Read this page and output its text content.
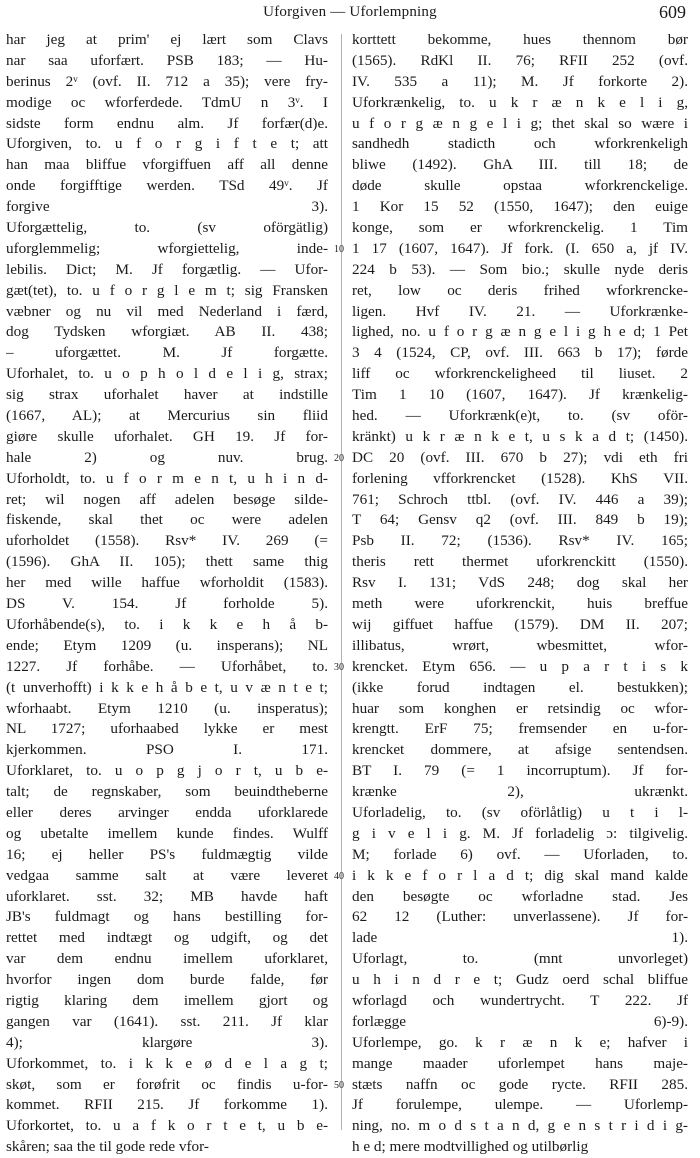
Uforgiven — Uforlempning	609
har jeg at prim' ej lært som Clavs
nar saa uforfært. PSB 183; — Hu-
berinus 2ᵛ (ovf. II. 712 a 35); vere fry-
modige oc wforferdede. TdmU n 3ᵛ. I
sidste form endnu alm. Jf forfær(d)e.
Uforgiven, to. u f o r g i f t e t; att
han maa bliffue vforgiffuen aff all denne
onde forgifftige werden. TSd 49ᵛ. Jf
forgive 3).
Uforgættelig, to. (sv oförgätlig)
uforglemmelig; wforgiettelig, inde-
lebilis. Dict; M. Jf forgætlig. — Ufor-
gæt(tet), to. u f o r g l e m t; sig Fransken
væbner og nu vil med Nederland i færd,
dog Tydsken wforgiæt. AB II. 438;
– uforgættet. M. Jf forgætte.
Uforhalet, to. u o p h o l d e l i g, strax;
sig strax uforhalet haver at indstille
(1667, AL); at Mercurius sin fliid
giøre skulle uforhalet. GH 19. Jf for-
hale 2) og nuv. brug.
Uforholdt, to. u f o r m e n t, u h i n d-
ret; wil nogen aff adelen besøge silde-
fiskende, skal thet oc were adelen
uforholdet (1558). Rsv* IV. 269 (=
(1596). GhA II. 105); thett same thig
her med wille haffue wforholdit (1583).
DS V. 154. Jf forholde 5).
Uforhåbende(s), to. i k k e h å b-
ende; Etym 1209 (u. insperans); NL
1227. Jf forhåbe. — Uforhåbet, to.
(t unverhofft) i k k e h å b e t, u v æ n t e t;
wforhaabt. Etym 1210 (u. insperatus);
NL 1727; uforhaabed lykke er mest
kjerkommen. PSO I. 171.
Uforklaret, to. u o p g j o r t, u b e-
talt; de regnskaber, som beuindtheberne
eller deres arvinger endda uforklarede
og ubetalte imellem kunde findes. Wulff
16; ej heller PS's fuldmægtig vilde
vedgaa samme salt at være leveret
uforklaret. sst. 32; MB havde haft
JB's fuldmagt og hans bestilling for-
rettet med indtægt og udgift, og det
var dem endnu imellem uforklaret,
hvorfor ingen dom burde falde, før
rigtig klaring dem imellem gjort og
gangen var (1641). sst. 211. Jf klar
4); klargøre 3).
Uforkommet, to. i k k e ø d e l a g t;
skøt, som er forøfrit oc findis u-for-
kommet. RFII 215. Jf forkomme 1).
Uforkortet, to. u a f k o r t e t, u b e-
skåren; saa the til gode rede vfor-
10
20
30
40
50
korttett bekomme, hues thennom bør
(1565). RdKl II. 76; RFII 252 (ovf.
IV. 535 a 11); M. Jf forkorte 2).
Uforkrænkelig, to. u k r æ n k e l i g,
u f o r g æ n g e l i g; thet skal so wære i
sandhedh stadicth och wforkrenkeligh
bliwe (1492). GhA III. till 18; de
døde skulle opstaa wforkrenckelige.
1 Kor 15 52 (1550, 1647); den euige
konge, som er wforkrenckelig. 1 Tim
1 17 (1607, 1647). Jf fork. (I. 650 a, jf IV.
224 b 53). — Som bio.; skulle nyde deris
ret, low oc deris frihed wforkrencke-
ligen. Hvf IV. 21. — Uforkrænke-
lighed, no. u f o r g æ n g e l i g h e d; 1 Pet
3 4 (1524, CP, ovf. III. 663 b 17); førde
liff oc wforkrenckeligheed til liuset. 2
Tim 1 10 (1607, 1647). Jf krænkelig-
hed. — Uforkrænk(e)t, to. (sv oför-
kränkt) u k r æ n k e t, u s k a d t; (1450).
DC 20 (ovf. III. 670 b 27); vdi eth fri
forlening vfforkrencket (1528). KhS VII.
761; Schroch ttbl. (ovf. IV. 446 a 39);
T 64; Gensv q2 (ovf. III. 849 b 19);
Psb II. 72; (1536). Rsv* IV. 165;
theris rett thermet uforkrenckitt (1550).
Rsv I. 131; VdS 248; dog skal her
meth were uforkrenckit, huis breffue
wij giffuet haffue (1579). DM II. 207;
illibatus, wrørt, wbesmittet, wfor-
krencket. Etym 656. — u p a r t i s k
(ikke forud indtagen el. bestukken);
huar som konghen er retsindig oc wfor-
krengtt. ErF 75; fremsender en u-for-
krencket dommere, at afsige sentendsen.
BT I. 79 (= 1 incorruptum). Jf for-
krænke 2), ukrænkt.
Uforladelig, to. (sv oförlåtlig) u t i l-
g i v e l i g. M. Jf forladelig ɔ: tilgivelig.
M; forlade 6) ovf. — Uforladen, to.
i k k e f o r l a d t; dig skal mand kalde
den besøgte oc wforladne stad. Jes
62 12 (Luther: unverlassene). Jf for-
lade 1).
Uforlagt, to. (mnt unvorleget)
u h i n d r e t; Gudz oerd schal bliffue
wforlagd och wundertrycht. T 222. Jf
forlægge 6)-9).
Uforlempe, go. k r æ n k e; hafver i
mange maader uforlempet hans maje-
stæts naffn oc gode rycte. RFII 285.
Jf forulempe, ulempe. — Uforlemp-
ning, no. m o d s t a n d, g e n s t r i d i g-
h e d; mere modtvillighed og utilbørlig
